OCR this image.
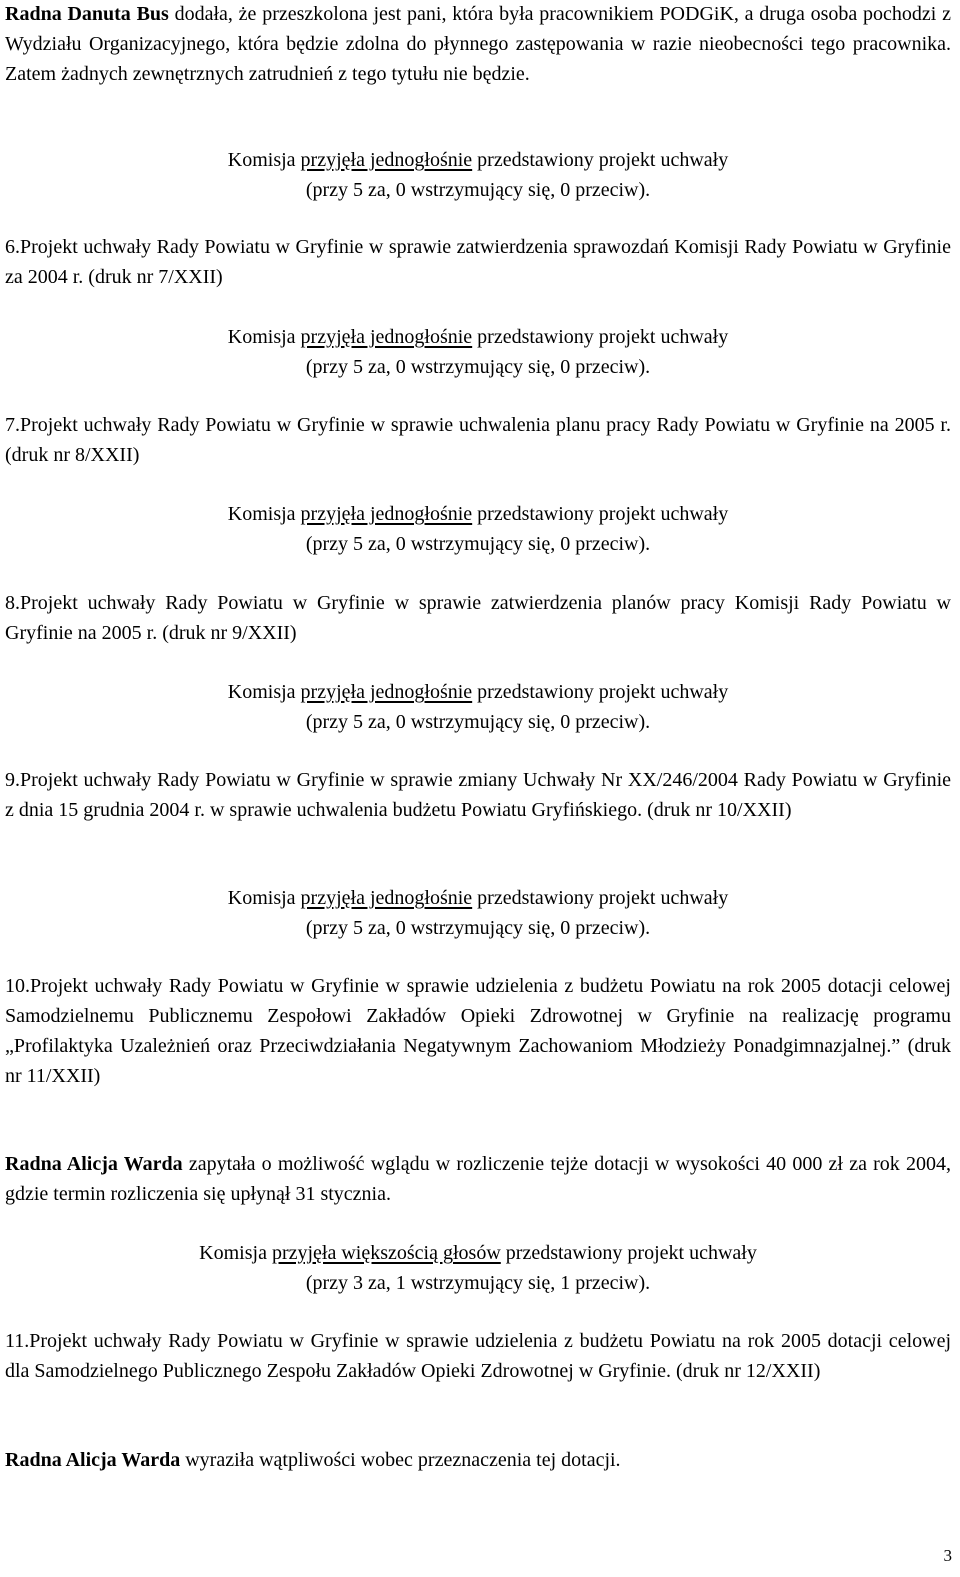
Radna Danuta Bus dodała, że przeszkolona jest pani, która była pracownikiem PODGiK, a druga osoba pochodzi z Wydziału Organizacyjnego, która będzie zdolna do płynnego zastępowania w razie nieobecności tego pracownika. Zatem żadnych zewnętrznych zatrudnień z tego tytułu nie będzie.

Komisja przyjęła jednogłośnie przedstawiony projekt uchwały

(przy 5 za, 0 wstrzymujący się, 0 przeciw).

6.Projekt uchwały Rady Powiatu w Gryfinie w sprawie zatwierdzenia sprawozdań Komisji Rady Powiatu w Gryfinie za 2004 r. (druk nr 7/XXII)

Komisja przyjęła jednogłośnie przedstawiony projekt uchwały

(przy 5 za, 0 wstrzymujący się, 0 przeciw).

7.Projekt uchwały Rady Powiatu w Gryfinie w sprawie uchwalenia planu pracy Rady Powiatu w Gryfinie na 2005 r. (druk nr 8/XXII)

Komisja przyjęła jednogłośnie przedstawiony projekt uchwały

(przy 5 za, 0 wstrzymujący się, 0 przeciw).

8.Projekt uchwały Rady Powiatu w Gryfinie w sprawie zatwierdzenia planów pracy Komisji Rady Powiatu w Gryfinie na 2005 r. (druk nr 9/XXII)

Komisja przyjęła jednogłośnie przedstawiony projekt uchwały

(przy 5 za, 0 wstrzymujący się, 0 przeciw).

9.Projekt uchwały Rady Powiatu w Gryfinie w sprawie zmiany Uchwały Nr XX/246/2004 Rady Powiatu w Gryfinie z dnia 15 grudnia 2004 r. w sprawie uchwalenia budżetu Powiatu Gryfińskiego. (druk nr 10/XXII)

Komisja przyjęła jednogłośnie przedstawiony projekt uchwały

(przy 5 za, 0 wstrzymujący się, 0 przeciw).

10.Projekt uchwały Rady Powiatu w Gryfinie w sprawie udzielenia z budżetu Powiatu na rok 2005 dotacji celowej Samodzielnemu Publicznemu Zespołowi Zakładów Opieki Zdrowotnej w Gryfinie na realizację programu „Profilaktyka Uzależnień oraz Przeciwdziałania Negatywnym Zachowaniom Młodzieży Ponadgimnazjalnej.” (druk nr 11/XXII)

Radna Alicja Warda zapytała o możliwość wglądu w rozliczenie tejże dotacji w wysokości 40 000 zł za rok 2004, gdzie termin rozliczenia się upłynął 31 stycznia.

Komisja przyjęła większością głosów przedstawiony projekt uchwały

(przy 3 za, 1 wstrzymujący się, 1 przeciw).

11.Projekt uchwały Rady Powiatu w Gryfinie w sprawie udzielenia z budżetu Powiatu na rok 2005 dotacji celowej dla Samodzielnego Publicznego Zespołu Zakładów Opieki Zdrowotnej w Gryfinie. (druk nr 12/XXII)

Radna Alicja Warda wyraziła wątpliwości wobec przeznaczenia tej dotacji.

3
